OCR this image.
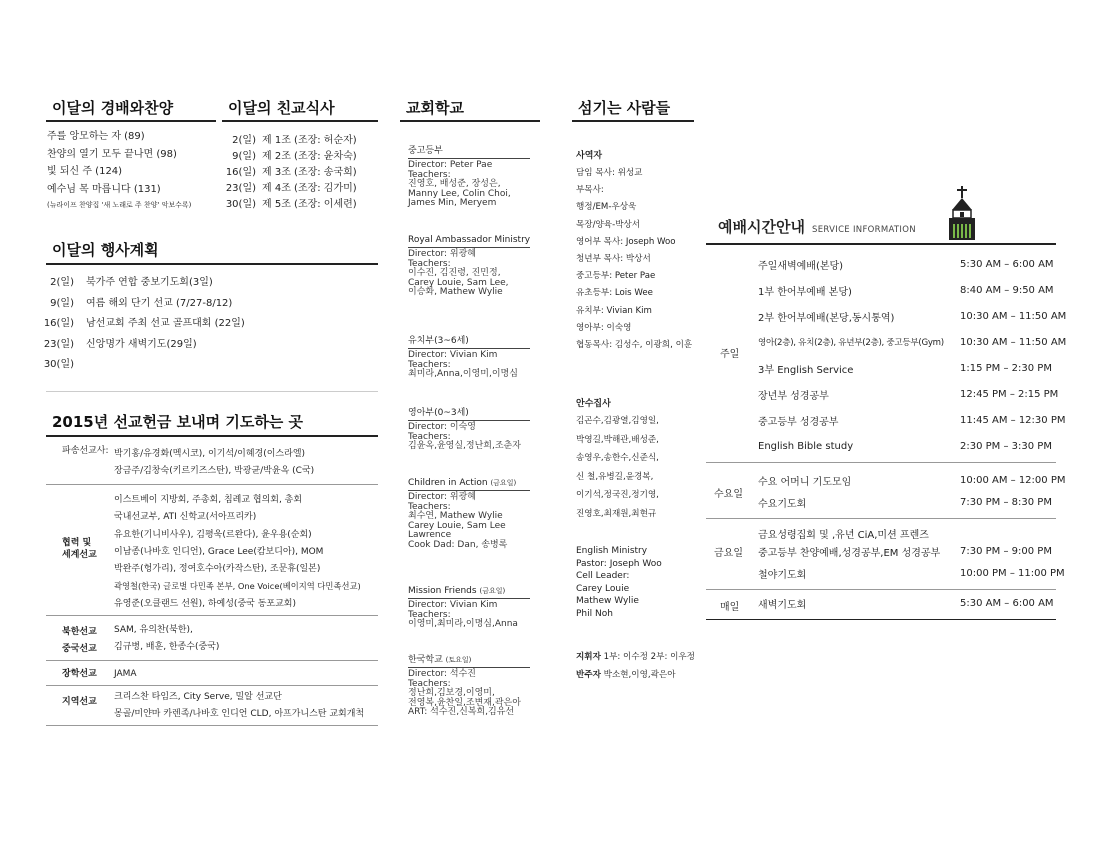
이달의 경배와찬양
주를 앙모하는 자 (89)
찬양의 열기 모두 끝나면 (98)
빛 되신 주 (124)
예수님 목 마릅니다 (131)
(뉴라이프 찬양집 '새 노래로 주 찬양' 악보수록)
이달의 친교식사
2(일) 제 1조 (조장: 허순자)
9(일) 제 2조 (조장: 윤차숙)
16(일) 제 3조 (조장: 송국희)
23(일) 제 4조 (조장: 김가미)
30(일) 제 5조 (조장: 이세련)
이달의 행사계획
2(일) 북가주 연합 중보기도회(3일)
9(일) 여름 해외 단기 선교 (7/27-8/12)
16(일) 남선교회 주최 선교 골프대회 (22일)
23(일) 신앙명가 새벽기도(29일)
30(일)
2015년 선교헌금 보내며 기도하는 곳
파송선교사: 박기홍/유경화(멕시코), 이기석/이혜경(이스라엘)
장금주/김창숙(키르키즈스탄), 박광균/박윤옥 (C국)
협력 및
세계선교
이스트베이 지방회, 주총회, 침례교 협의회, 총회
국내선교부, ATI 신학교(서아프리카)
유요한(기니비사우), 김평욱(르완다), 윤우용(순회)
이남종(나바호 인디언), Grace Lee(캄보디아), MOM
박완주(헝가리), 정여호수아(카작스탄), 조문휴(일본)
곽영철(한국) 글로벌 다민족 본부, One Voice(베이지역 다민족선교)
유영준(오클랜드 선원), 하예성(중국 동포교회)
북한선교
중국선교
SAM, 유의찬(북한),
김규병, 배훈, 한종수(중국)
장학선교 JAMA
지역선교 크리스찬 타임즈, City Serve, 밀알 선교단
몽골/미얀마 카렌족/나바호 인디언 CLD, 아프가니스탄 교회개척
교회학교
중고등부
Director: Peter Pae
Teachers:
진영호, 배성준, 장성은,
Manny Lee, Colin Choi,
James Min, Meryem
Royal Ambassador Ministry
Director: 위광혜
Teachers:
이수진, 김진령, 진민정,
Carey Louie, Sam Lee,
이승화, Mathew Wylie
유치부(3~6세)
Director: Vivian Kim
Teachers:
최미라,Anna,이영미,이명심
영아부(0~3세)
Director: 이숙영
Teachers:
김윤옥,윤영실,정난희,조춘자
Children in Action (금요일)
Director: 위광혜
Teachers:
최수연, Mathew Wylie
Carey Louie, Sam Lee
Lawrence
Cook Dad: Dan, 송병록
Mission Friends (금요일)
Director: Vivian Kim
Teachers:
이영미,최미라,이명심,Anna
한국학교 (토요일)
Director: 석수진
Teachers:
정난희,김보경,이영미,
전영복,윤찬일,조변재,곽은아
ART: 석수진,신복희,김유선
섬기는 사람들
사역자
담임 목사: 위성교
부목사:
행정/EM-우상욱
목장/양육-박상서
영어부 목사: Joseph Woo
청년부 목사: 박상서
중고등부: Peter Pae
유초등부: Lois Wee
유치부: Vivian Kim
영아부: 이숙영
협동목사: 김성수, 이광희, 이훈
안수집사
김곤수,김광열,김영일,
박영길,박해관,배성준,
송영우,송한수,신준식,
신 철,유병길,윤경복,
이기석,정국진,정기영,
진영호,최재원,최현규
English Ministry
Pastor: Joseph Woo
Cell Leader:
Carey Louie
Mathew Wylie
Phil Noh
지휘자 1부: 이수정 2부: 이우정
반주자 박소현,이영,곽은아
예배시간안내 SERVICE INFORMATION
주일
주일새벽예배(본당)	5:30 AM – 6:00 AM
1부 한어부예배 본당)	8:40 AM – 9:50 AM
2부 한어부예배(본당,동시통역)	10:30 AM – 11:50 AM
영아(2층), 유치(2층), 유년부(2층), 중고등부(Gym) 10:30 AM – 11:50 AM
3부 English Service	1:15 PM – 2:30 PM
장년부 성경공부	12:45 PM – 2:15 PM
중고등부 성경공부	11:45 AM – 12:30 PM
English Bible study	2:30 PM – 3:30 PM
수요일
수요 어머니 기도모임	10:00 AM – 12:00 PM
수요기도회	7:30 PM – 8:30 PM
금요일
금요성령집회 및 ,유년 CiA,미션 프렌즈
중고등부 찬양예배,성경공부,EM 성경공부 7:30 PM – 9:00 PM
철야기도회	10:00 PM – 11:00 PM
매일 새벽기도회	5:30 AM – 6:00 AM
